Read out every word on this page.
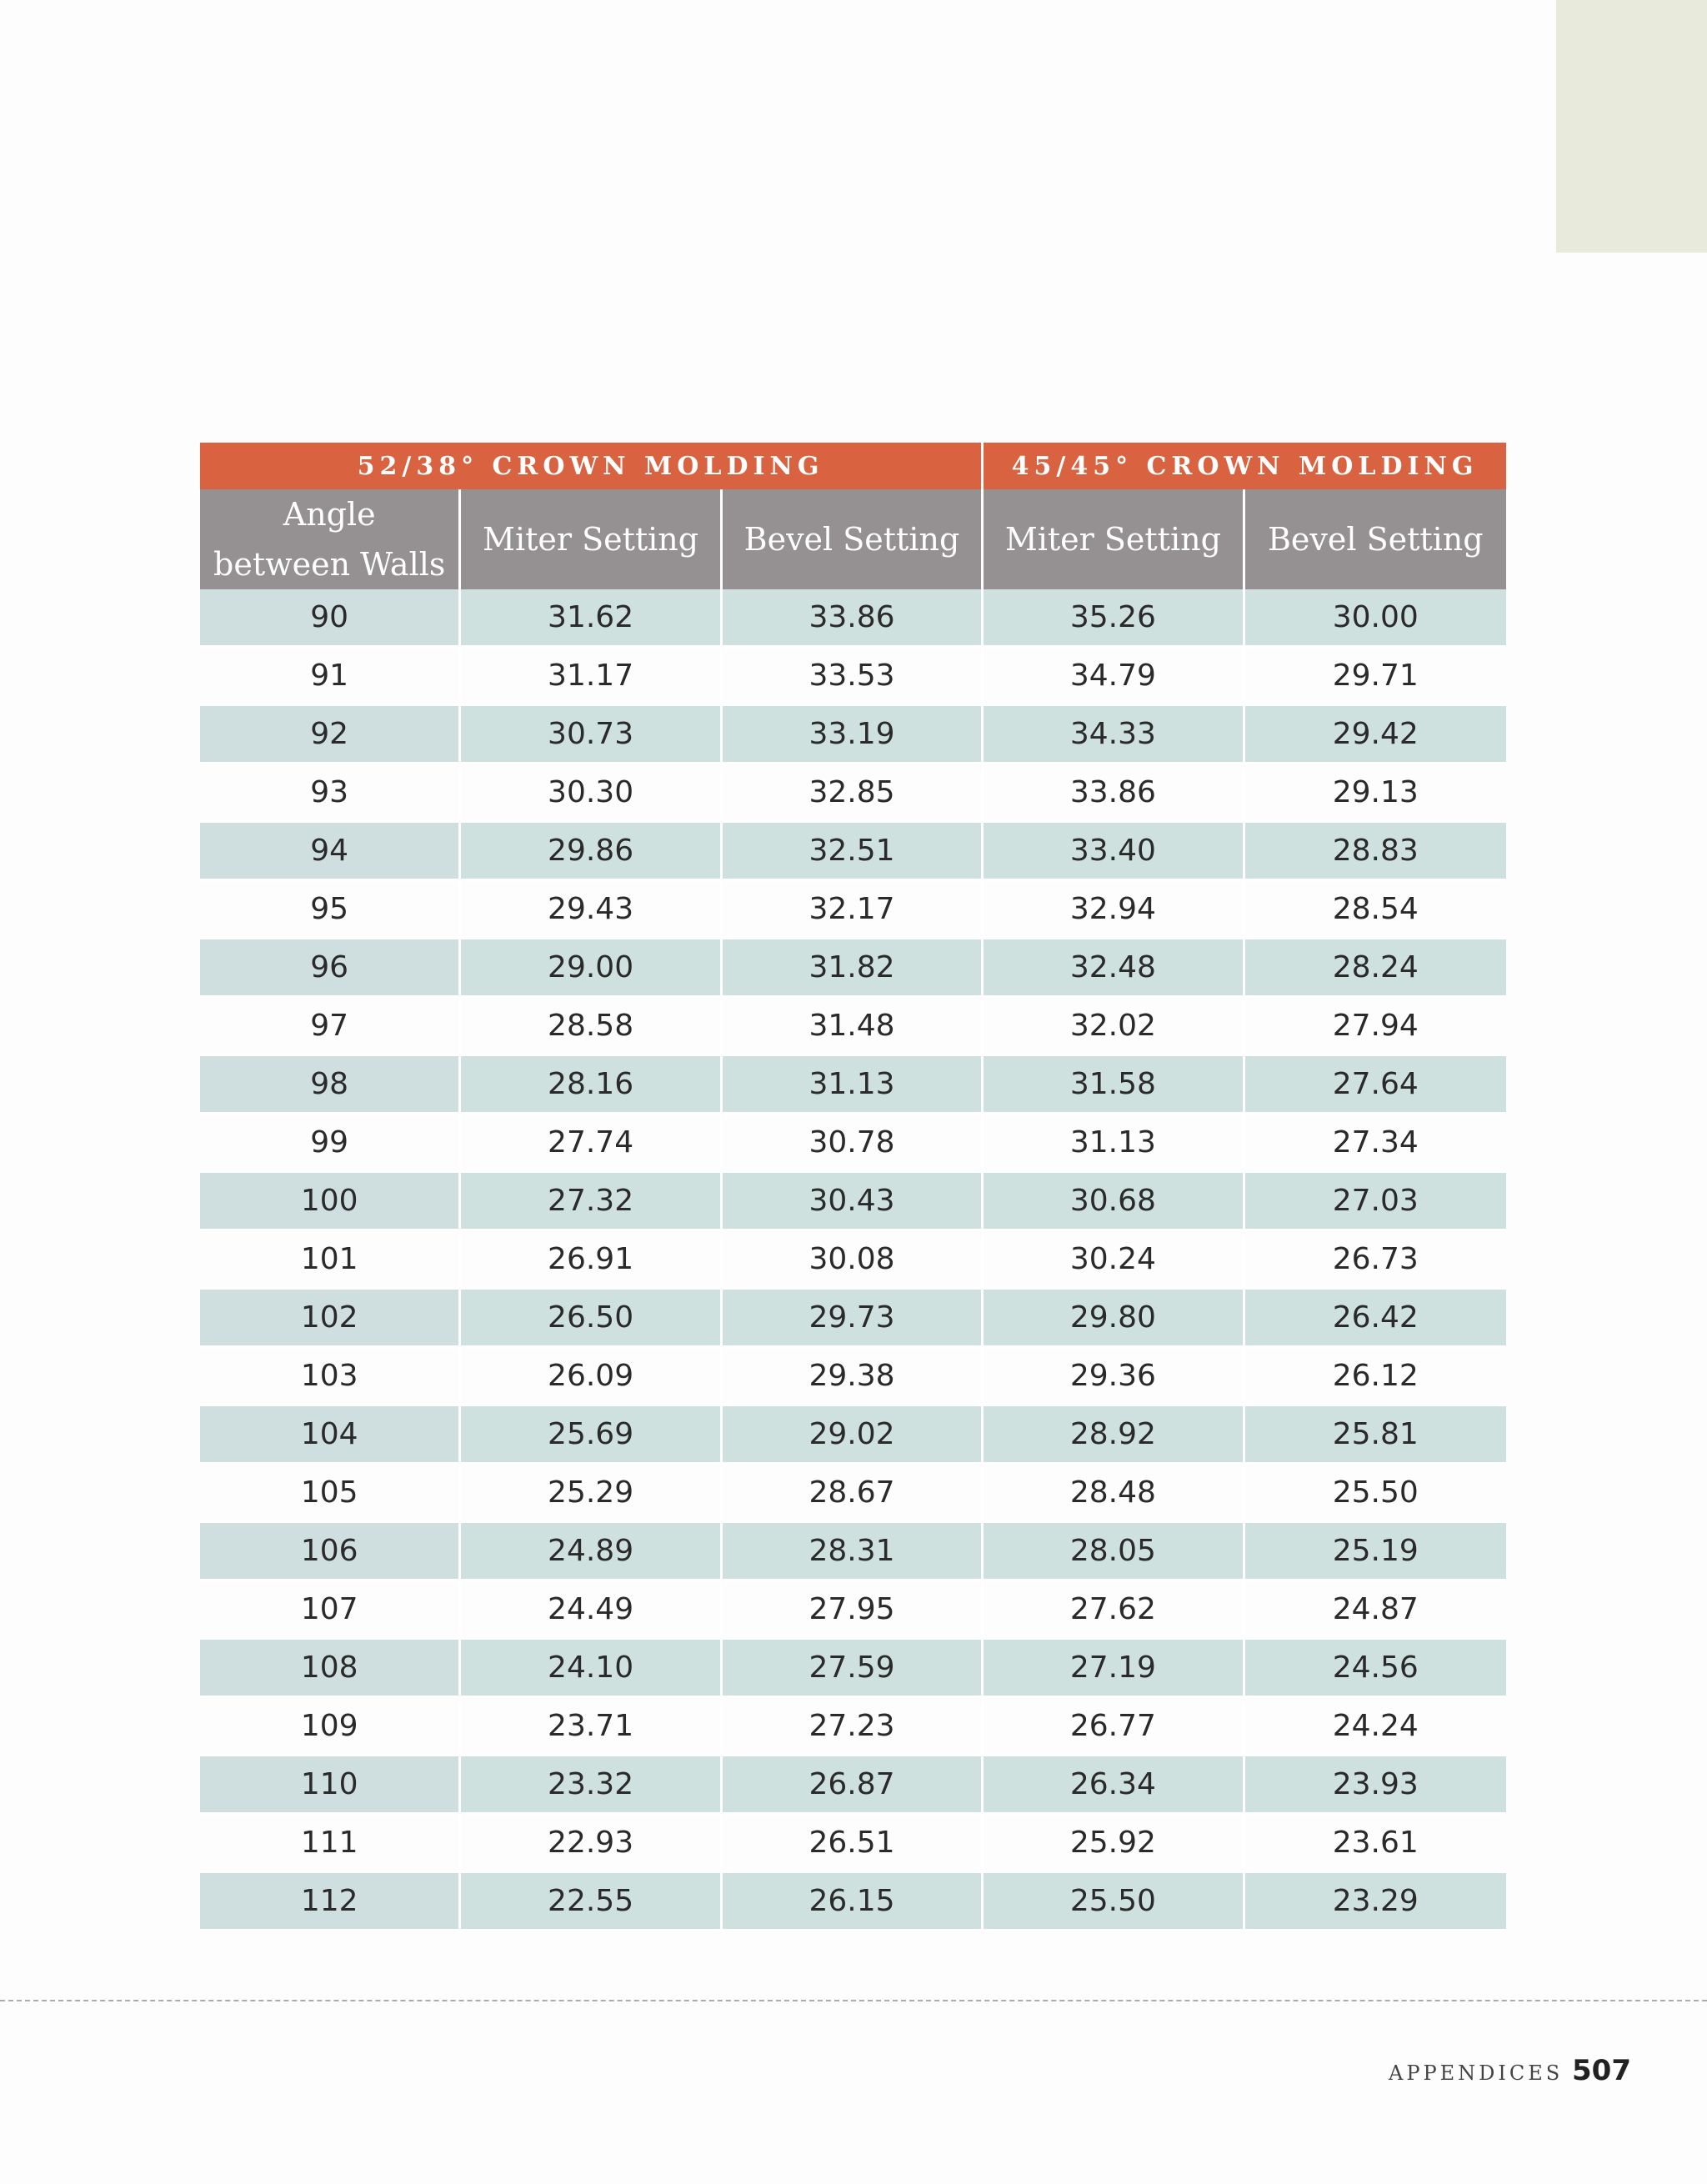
52/38° CROWN MOLDING			45/45° CROWN MOLDING	
Angle
between Walls	Miter Setting	Bevel Setting	Miter Setting	Bevel Setting
90	31.62	33.86	35.26	30.00
91	31.17	33.53	34.79	29.71
92	30.73	33.19	34.33	29.42
93	30.30	32.85	33.86	29.13
94	29.86	32.51	33.40	28.83
95	29.43	32.17	32.94	28.54
96	29.00	31.82	32.48	28.24
97	28.58	31.48	32.02	27.94
98	28.16	31.13	31.58	27.64
99	27.74	30.78	31.13	27.34
100	27.32	30.43	30.68	27.03
101	26.91	30.08	30.24	26.73
102	26.50	29.73	29.80	26.42
103	26.09	29.38	29.36	26.12
104	25.69	29.02	28.92	25.81
105	25.29	28.67	28.48	25.50
106	24.89	28.31	28.05	25.19
107	24.49	27.95	27.62	24.87
108	24.10	27.59	27.19	24.56
109	23.71	27.23	26.77	24.24
110	23.32	26.87	26.34	23.93
111	22.93	26.51	25.92	23.61
112	22.55	26.15	25.50	23.29
APPENDICES 507
